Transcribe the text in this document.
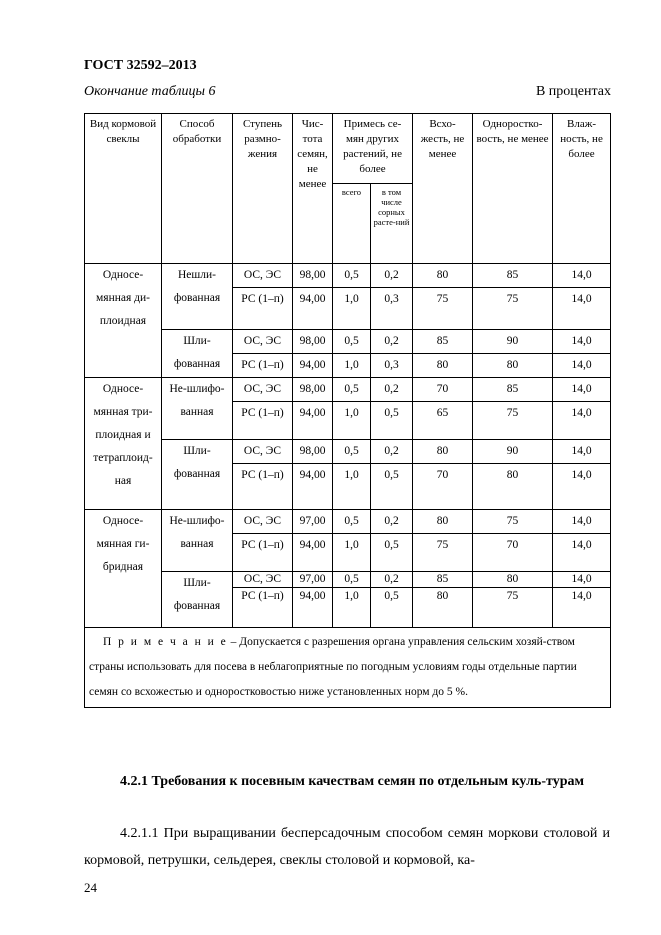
ГОСТ 32592–2013
Окончание таблицы 6	В процентах
Вид кормовой свеклы	Способ обработки	Ступень размно-жения	Чис-тота семян, не менее	Примесь се-мян других растений, не более		Всхо-жесть, не менее	Одноростко-вость, не менее	Влаж-ность, не более
				всего	в том числе сорных расте-ний			
Односе-мянная ди-плоидная	Нешли-фованная	ОС, ЭС	98,00	0,5	0,2	80	85	14,0
		РС (1–п)	94,00	1,0	0,3	75	75	14,0
	Шли-фованная	ОС, ЭС	98,00	0,5	0,2	85	90	14,0
		РС (1–п)	94,00	1,0	0,3	80	80	14,0
Односе-мянная три-плоидная и тетраплоид-ная	Не-шлифо-ванная	ОС, ЭС	98,00	0,5	0,2	70	85	14,0
		РС (1–п)	94,00	1,0	0,5	65	75	14,0
	Шли-фованная	ОС, ЭС	98,00	0,5	0,2	80	90	14,0
		РС (1–п)	94,00	1,0	0,5	70	80	14,0
Односе-мянная ги-бридная	Не-шлифо-ванная	ОС, ЭС	97,00	0,5	0,2	80	75	14,0
		РС (1–п)	94,00	1,0	0,5	75	70	14,0
	Шли-фованная	ОС, ЭС	97,00	0,5	0,2	85	80	14,0
		РС (1–п)	94,00	1,0	0,5	80	75	14,0
П р и м е ч а н и е – Допускается с разрешения органа управления сельским хозяй-ством страны использовать для посева в неблагоприятные по погодным условиям годы отдельные партии семян со всхожестью и одноростковостью ниже установленных норм до 5 %.								
4.2.1 Требования к посевным качествам семян по отдельным куль-турам
4.2.1.1 При выращивании бесперсадочным способом семян моркови столовой и кормовой, петрушки, сельдерея, свеклы столовой и кормовой, ка-
24
